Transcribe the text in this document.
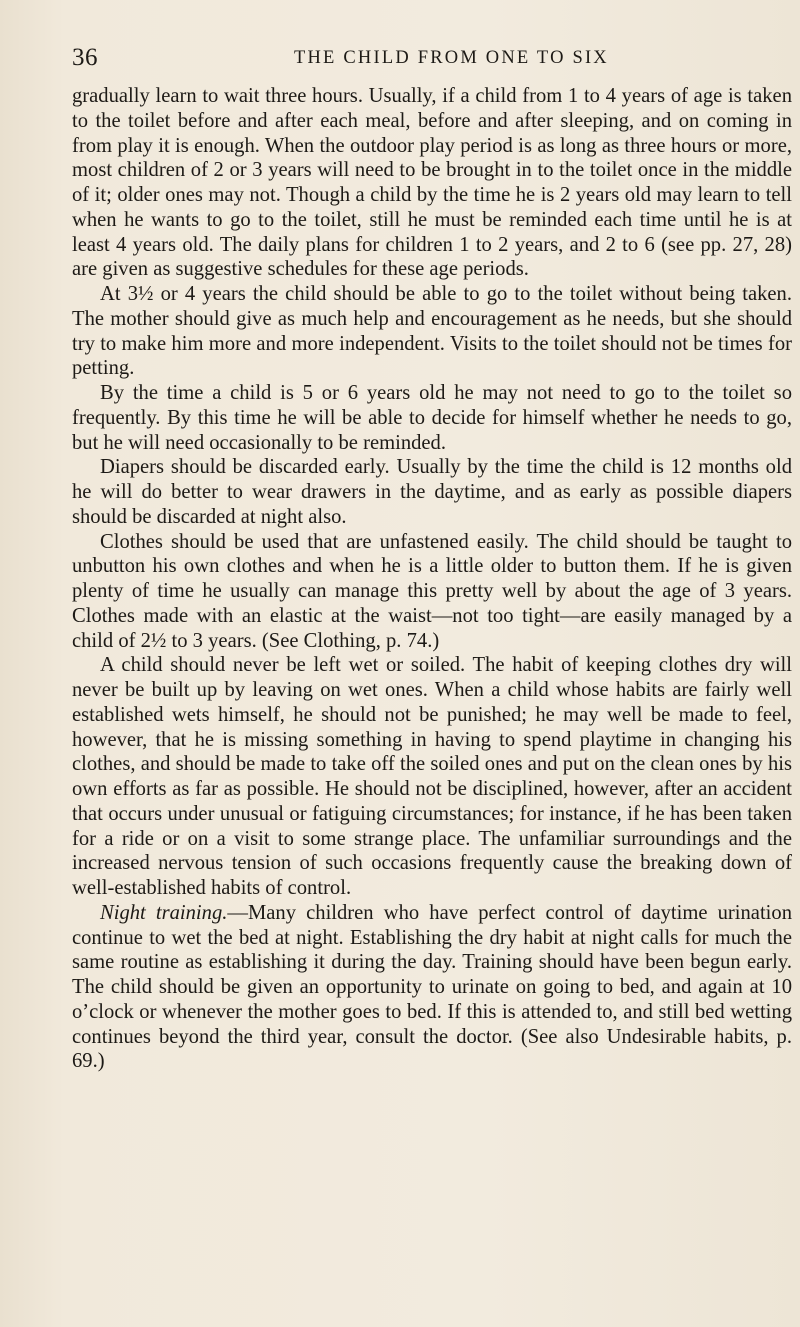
36	THE CHILD FROM ONE TO SIX

gradually learn to wait three hours. Usually, if a child from 1 to 4 years of age is taken to the toilet before and after each meal, before and after sleeping, and on coming in from play it is enough. When the outdoor play period is as long as three hours or more, most children of 2 or 3 years will need to be brought in to the toilet once in the middle of it; older ones may not. Though a child by the time he is 2 years old may learn to tell when he wants to go to the toilet, still he must be reminded each time until he is at least 4 years old. The daily plans for children 1 to 2 years, and 2 to 6 (see pp. 27, 28) are given as suggestive schedules for these age periods.

At 3½ or 4 years the child should be able to go to the toilet without being taken. The mother should give as much help and encouragement as he needs, but she should try to make him more and more independent. Visits to the toilet should not be times for petting.

By the time a child is 5 or 6 years old he may not need to go to the toilet so frequently. By this time he will be able to decide for himself whether he needs to go, but he will need occasionally to be reminded.

Diapers should be discarded early. Usually by the time the child is 12 months old he will do better to wear drawers in the daytime, and as early as possible diapers should be discarded at night also.

Clothes should be used that are unfastened easily. The child should be taught to unbutton his own clothes and when he is a little older to button them. If he is given plenty of time he usually can manage this pretty well by about the age of 3 years. Clothes made with an elastic at the waist—not too tight—are easily managed by a child of 2½ to 3 years. (See Clothing, p. 74.)

A child should never be left wet or soiled. The habit of keeping clothes dry will never be built up by leaving on wet ones. When a child whose habits are fairly well established wets himself, he should not be punished; he may well be made to feel, however, that he is missing something in having to spend playtime in changing his clothes, and should be made to take off the soiled ones and put on the clean ones by his own efforts as far as possible. He should not be disciplined, however, after an accident that occurs under unusual or fatiguing circumstances; for instance, if he has been taken for a ride or on a visit to some strange place. The unfamiliar surroundings and the increased nervous tension of such occasions frequently cause the breaking down of well-established habits of control.

Night training.—Many children who have perfect control of daytime urination continue to wet the bed at night. Establishing the dry habit at night calls for much the same routine as establishing it during the day. Training should have been begun early. The child should be given an opportunity to urinate on going to bed, and again at 10 o’clock or whenever the mother goes to bed. If this is attended to, and still bed wetting continues beyond the third year, consult the doctor. (See also Undesirable habits, p. 69.)
